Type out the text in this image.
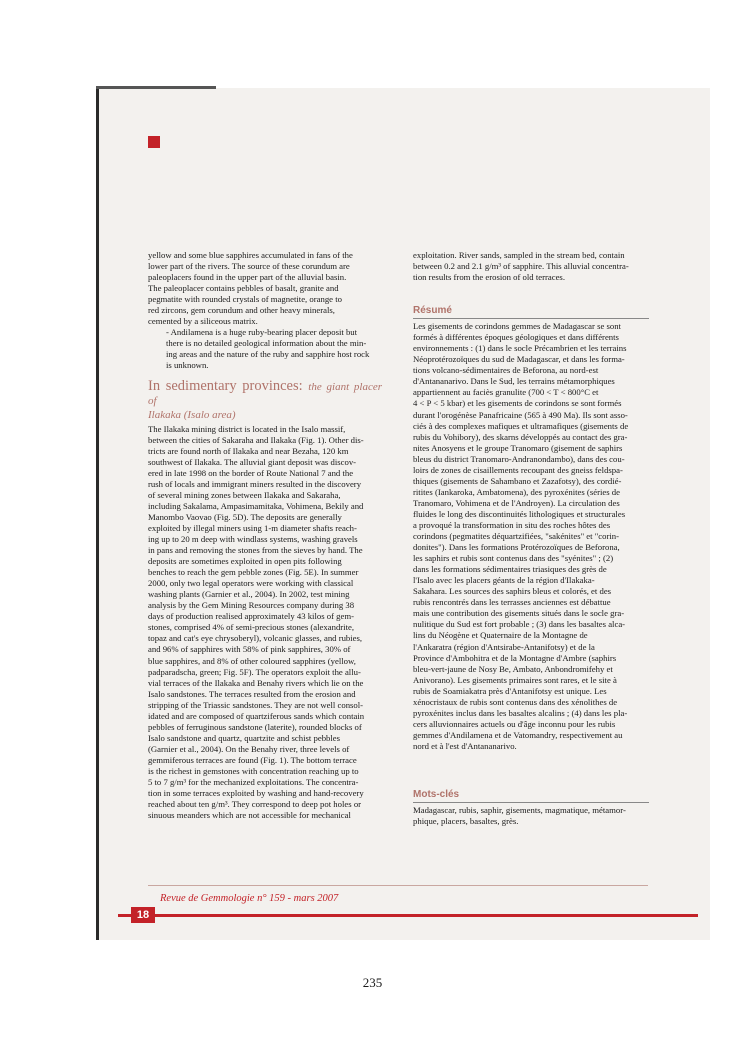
yellow and some blue sapphires accumulated in fans of the

lower part of the rivers. The source of these corundum are

paleoplacers found in the upper part of the alluvial basin.

The paleoplacer contains pebbles of basalt, granite and

pegmatite with rounded crystals of magnetite, orange to

red zircons, gem corundum and other heavy minerals,

cemented by a siliceous matrix.

- Andilamena is a huge ruby-bearing placer deposit but

there is no detailed geological information about the min-

ing areas and the nature of the ruby and sapphire host rock

is unknown.

In sedimentary provinces: the giant placer of
Ilakaka (Isalo area)

The Ilakaka mining district is located in the Isalo massif,

between the cities of Sakaraha and Ilakaka (Fig. 1). Other dis-

tricts are found north of Ilakaka and near Bezaha, 120 km

southwest of Ilakaka. The alluvial giant deposit was discov-

ered in late 1998 on the border of Route National 7 and the

rush of locals and immigrant miners resulted in the discovery

of several mining zones between Ilakaka and Sakaraha,

including Sakalama, Ampasimamitaka, Vohimena, Bekily and

Manombo Vaovao (Fig. 5D). The deposits are generally

exploited by illegal miners using 1-m diameter shafts reach-

ing up to 20 m deep with windlass systems, washing gravels

in pans and removing the stones from the sieves by hand. The

deposits are sometimes exploited in open pits following

benches to reach the gem pebble zones (Fig. 5E). In summer

2000, only two legal operators were working with classical

washing plants (Garnier et al., 2004). In 2002, test mining

analysis by the Gem Mining Resources company during 38

days of production realised approximately 43 kilos of gem-

stones, comprised 4% of semi-precious stones (alexandrite,

topaz and cat's eye chrysoberyl), volcanic glasses, and rubies,

and 96% of sapphires with 58% of pink sapphires, 30% of

blue sapphires, and 8% of other coloured sapphires (yellow,

padparadscha, green; Fig. 5F). The operators exploit the allu-

vial terraces of the Ilakaka and Benahy rivers which lie on the

Isalo sandstones. The terraces resulted from the erosion and

stripping of the Triassic sandstones. They are not well consol-

idated and are composed of quartziferous sands which contain

pebbles of ferruginous sandstone (laterite), rounded blocks of

Isalo sandstone and quartz, quartzite and schist pebbles

(Garnier et al., 2004). On the Benahy river, three levels of

gemmiferous terraces are found (Fig. 1). The bottom terrace

is the richest in gemstones with concentration reaching up to

5 to 7 g/m³ for the mechanized exploitations. The concentra-

tion in some terraces exploited by washing and hand-recovery

reached about ten g/m³. They correspond to deep pot holes or

sinuous meanders which are not accessible for mechanical

exploitation. River sands, sampled in the stream bed, contain

between 0.2 and 2.1 g/m³ of sapphire. This alluvial concentra-

tion results from the erosion of old terraces.

Résumé

Les gisements de corindons gemmes de Madagascar se sont

formés à différentes époques géologiques et dans différents

environnements : (1) dans le socle Précambrien et les terrains

Néoprotérozoïques du sud de Madagascar, et dans les forma-

tions volcano-sédimentaires de Beforona, au nord-est

d'Antananarivo. Dans le Sud, les terrains métamorphiques

appartiennent au faciès granulite (700 < T < 800°C et

4 < P < 5 kbar) et les gisements de corindons se sont formés

durant l'orogénèse Panafricaine (565 à 490 Ma). Ils sont asso-

ciés à des complexes mafiques et ultramafiques (gisements de

rubis du Vohibory), des skarns développés au contact des gra-

nites Anosyens et le groupe Tranomaro (gisement de saphirs

bleus du district Tranomaro-Andranondambo), dans des cou-

loirs de zones de cisaillements recoupant des gneiss feldspa-

thiques (gisements de Sahambano et Zazafotsy), des cordié-

ritites (Iankaroka, Ambatomena), des pyroxénites (séries de

Tranomaro, Vohimena et de l'Androyen). La circulation des

fluides le long des discontinuités lithologiques et structurales

a provoqué la transformation in situ des roches hôtes des

corindons (pegmatites déquartzifiées, "sakénites" et "corin-

donites"). Dans les formations Protérozoïques de Beforona,

les saphirs et rubis sont contenus dans des "syénites" ; (2)

dans les formations sédimentaires triasiques des grès de

l'Isalo avec les placers géants de la région d'Ilakaka-

Sakahara. Les sources des saphirs bleus et colorés, et des

rubis rencontrés dans les terrasses anciennes est débattue

mais une contribution des gisements situés dans le socle gra-

nulitique du Sud est fort probable ; (3) dans les basaltes alca-

lins du Néogène et Quaternaire de la Montagne de

l'Ankaratra (région d'Antsirabe-Antanifotsy) et de la

Province d'Ambohitra et de la Montagne d'Ambre (saphirs

bleu-vert-jaune de Nosy Be, Ambato, Anbondromifehy et

Anivorano). Les gisements primaires sont rares, et le site à

rubis de Soamiakatra près d'Antanifotsy est unique. Les

xénocristaux de rubis sont contenus dans des xénolithes de

pyroxénites inclus dans les basaltes alcalins ; (4) dans les pla-

cers alluvionnaires actuels ou d'âge inconnu pour les rubis

gemmes d'Andilamena et de Vatomandry, respectivement au

nord et à l'est d'Antananarivo.

Mots-clés

Madagascar, rubis, saphir, gisements, magmatique, métamor-

phique, placers, basaltes, grès.

Revue de Gemmologie n° 159 - mars 2007
18
235
